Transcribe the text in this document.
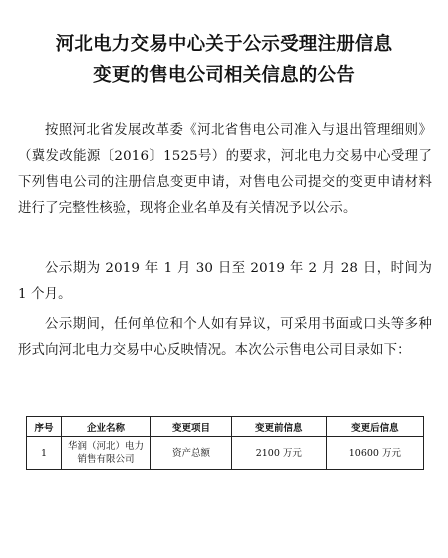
河北电力交易中心关于公示受理注册信息
变更的售电公司相关信息的公告
按照河北省发展改革委《河北省售电公司准入与退出管理细则》（冀发改能源〔2016〕1525号）的要求，河北电力交易中心受理了下列售电公司的注册信息变更申请，对售电公司提交的变更申请材料进行了完整性核验，现将企业名单及有关情况予以公示。
公示期为 2019 年 1 月 30 日至 2019 年 2 月 28 日，时间为 1 个月。
公示期间，任何单位和个人如有异议，可采用书面或口头等多种形式向河北电力交易中心反映情况。本次公示售电公司目录如下：
序号	企业名称	变更项目	变更前信息	变更后信息
1	华润（河北）电力销售有限公司	资产总额	2100 万元	10600 万元
